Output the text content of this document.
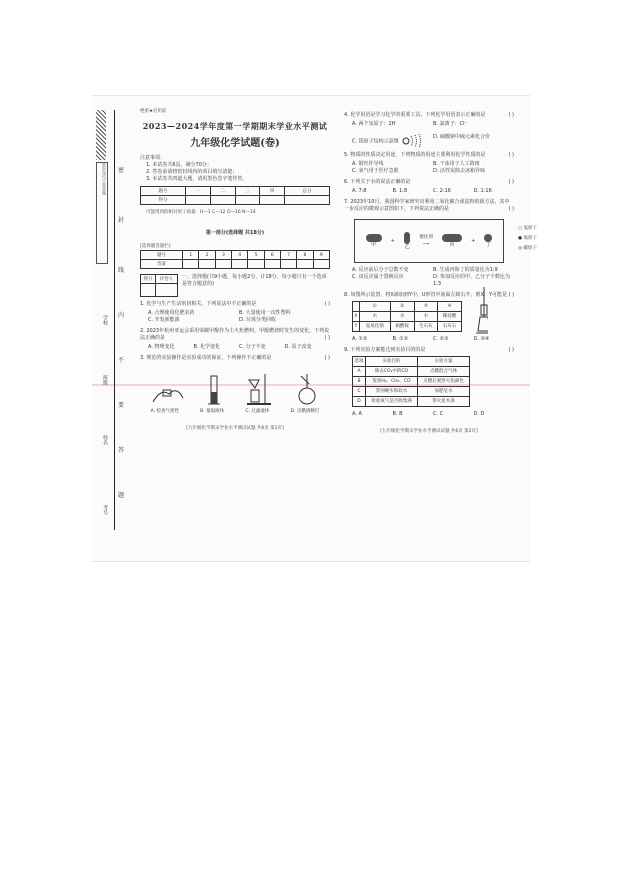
密封线内不要答题 密
封
线
内
不
要
答
题
学校
班级
姓名
考号
绝密★启用前
2023—2024学年度第一学期期末学业水平测试
九年级化学试题(卷)
注意事项：
1. 本试卷共6页，满分70分；
2. 答卷前请将密封线内的项目填写清楚；
3. 本试卷共四道大题，请用黑色签字笔作答。
题号	一	二	三	四	总分
得分					
可能用到的相对原子质量：H—1 C—12 O—16 N—14
第一部分(选择题 共18分)
[选择题答题栏]
题号	1	2	3	4	5	6	7	8	9
答案									
得分	评卷人
	一、选择题(共9小题，每小题2分，计18分。每小题只有一个选项是符合题意的)
1. 化学与生产生活密切相关，下列说法中不正确的是	( )
A. 合理使用化肥农药	B. 大量使用一次性塑料
C. 开发新能源	D. 垃圾分类回收
2. 2023年杭州亚运会采用零碳甲醇作为主火炬燃料，甲醇燃烧时发生的变化，下列说法正确的是	( )
A. 物理变化	B. 化学变化	C. 分子不变	D. 原子改变
3. 规范的实验操作是实验成功的保证，下列操作不正确的是	( )
A. 检查气密性	B. 量取液体	C. 过滤液体	D. 点燃酒精灯
[九年级化学期末学业水平测试试题 共6页 第1页]
4. 化学用语是学习化学的重要工具，下列化学用语表示正确的是	( )
A. 两个氢原子：2H	B. 氯离子：Cl⁻
C. 镁原子结构示意图
D. 硫酸钠中硫元素化合价
5. 物质的性质决定用途，下列物质的用途主要利用化学性质的是	( )
A. 铜丝作导线	B. 干冰用于人工降雨
C. 氧气用于医疗急救	D. 活性炭除去冰箱异味
6. 下列关于水的说法正确的是	( )
A. 7:8	B. 1:8	C. 2:16	D. 1:16
7. 2023年10月，我国科学家研究出利用二氧化碳合成淀粉的新方法，其中一步反应的微观示意图如下，下列说法正确的是	( )
甲
+
乙
催化剂
⟶	丙
+
丁
○ 氢原子
● 氧原子
◎ 碳原子
A. 反应前后分子总数不变	B. 生成丙和丁的质量比为1:9
C. 该反应属于置换反应	D. 参加反应的甲、乙分子个数比为1:3
8. 如图所示装置，将X滴加到Y中，U形管中液面左降右升，则X、Y可能是 ( )
	①	②	③	④
X	水	水	水	稀盐酸
Y	氢氧化钠	硝酸铵	生石灰	石灰石
A. ①②	B. ①③	C. ②③	D. ③④
9. 下列实验方案能达到实验目的的是	( )
选项	实验目的	实验方案
A	除去CO₂中的CO	点燃混合气体
B	鉴别H₂、CH₄、CO	点燃后观察火焰颜色
C	鉴别硬水和软水	加肥皂水
D	检验氧气是否收集满	带火星木条
A. A	B. B	C. C	D. D
[九年级化学期末学业水平测试试题 共6页 第2页]
